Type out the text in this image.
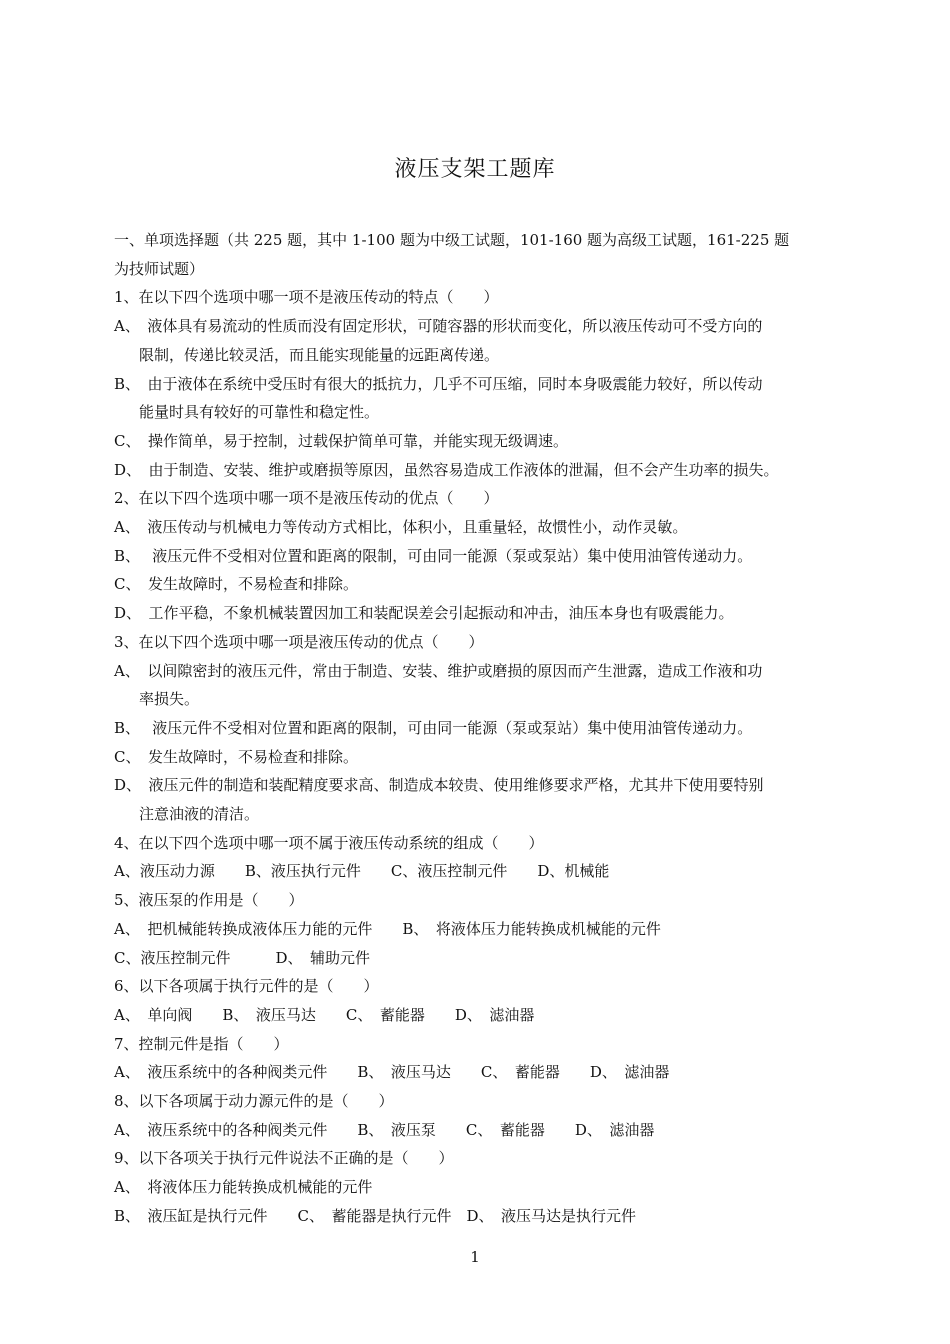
液压支架工题库
一、单项选择题（共 225 题，其中 1-100 题为中级工试题，101-160 题为高级工试题，161-225 题
为技师试题）
1、在以下四个选项中哪一项不是液压传动的特点（　　）
A、　液体具有易流动的性质而没有固定形状，可随容器的形状而变化，所以液压传动可不受方向的
限制，传递比较灵活，而且能实现能量的远距离传递。
B、　由于液体在系统中受压时有很大的抵抗力，几乎不可压缩，同时本身吸震能力较好，所以传动
能量时具有较好的可靠性和稳定性。
C、　操作简单，易于控制，过载保护简单可靠，并能实现无级调速。
D、　由于制造、安装、维护或磨损等原因，虽然容易造成工作液体的泄漏，但不会产生功率的损失。
2、在以下四个选项中哪一项不是液压传动的优点（　　）
A、　液压传动与机械电力等传动方式相比，体积小，且重量轻，故惯性小，动作灵敏。
B、　 液压元件不受相对位置和距离的限制，可由同一能源（泵或泵站）集中使用油管传递动力。
C、　发生故障时，不易检查和排除。
D、　工作平稳，不象机械装置因加工和装配误差会引起振动和冲击，油压本身也有吸震能力。
3、在以下四个选项中哪一项是液压传动的优点（　　）
A、　以间隙密封的液压元件，常由于制造、安装、维护或磨损的原因而产生泄露，造成工作液和功
率损失。
B、　 液压元件不受相对位置和距离的限制，可由同一能源（泵或泵站）集中使用油管传递动力。
C、　发生故障时，不易检查和排除。
D、　液压元件的制造和装配精度要求高、制造成本较贵、使用维修要求严格，尤其井下使用要特别
注意油液的清洁。
4、在以下四个选项中哪一项不属于液压传动系统的组成（　　）
A、液压动力源　　B、液压执行元件　　C、液压控制元件　　D、机械能
5、液压泵的作用是（　　）
A、　把机械能转换成液体压力能的元件　　B、　将液体压力能转换成机械能的元件
C、液压控制元件　　　D、　辅助元件
6、以下各项属于执行元件的是（　　）
A、　单向阀　　B、　液压马达　　C、　蓄能器　　D、　滤油器
7、控制元件是指（　　）
A、　液压系统中的各种阀类元件　　B、　液压马达　　C、　蓄能器　　D、　滤油器
8、以下各项属于动力源元件的是（　　）
A、　液压系统中的各种阀类元件　　B、　液压泵　　C、　蓄能器　　D、　滤油器
9、以下各项关于执行元件说法不正确的是（　　）
A、　将液体压力能转换成机械能的元件
B、　液压缸是执行元件　　C、　蓄能器是执行元件　D、　液压马达是执行元件
1
